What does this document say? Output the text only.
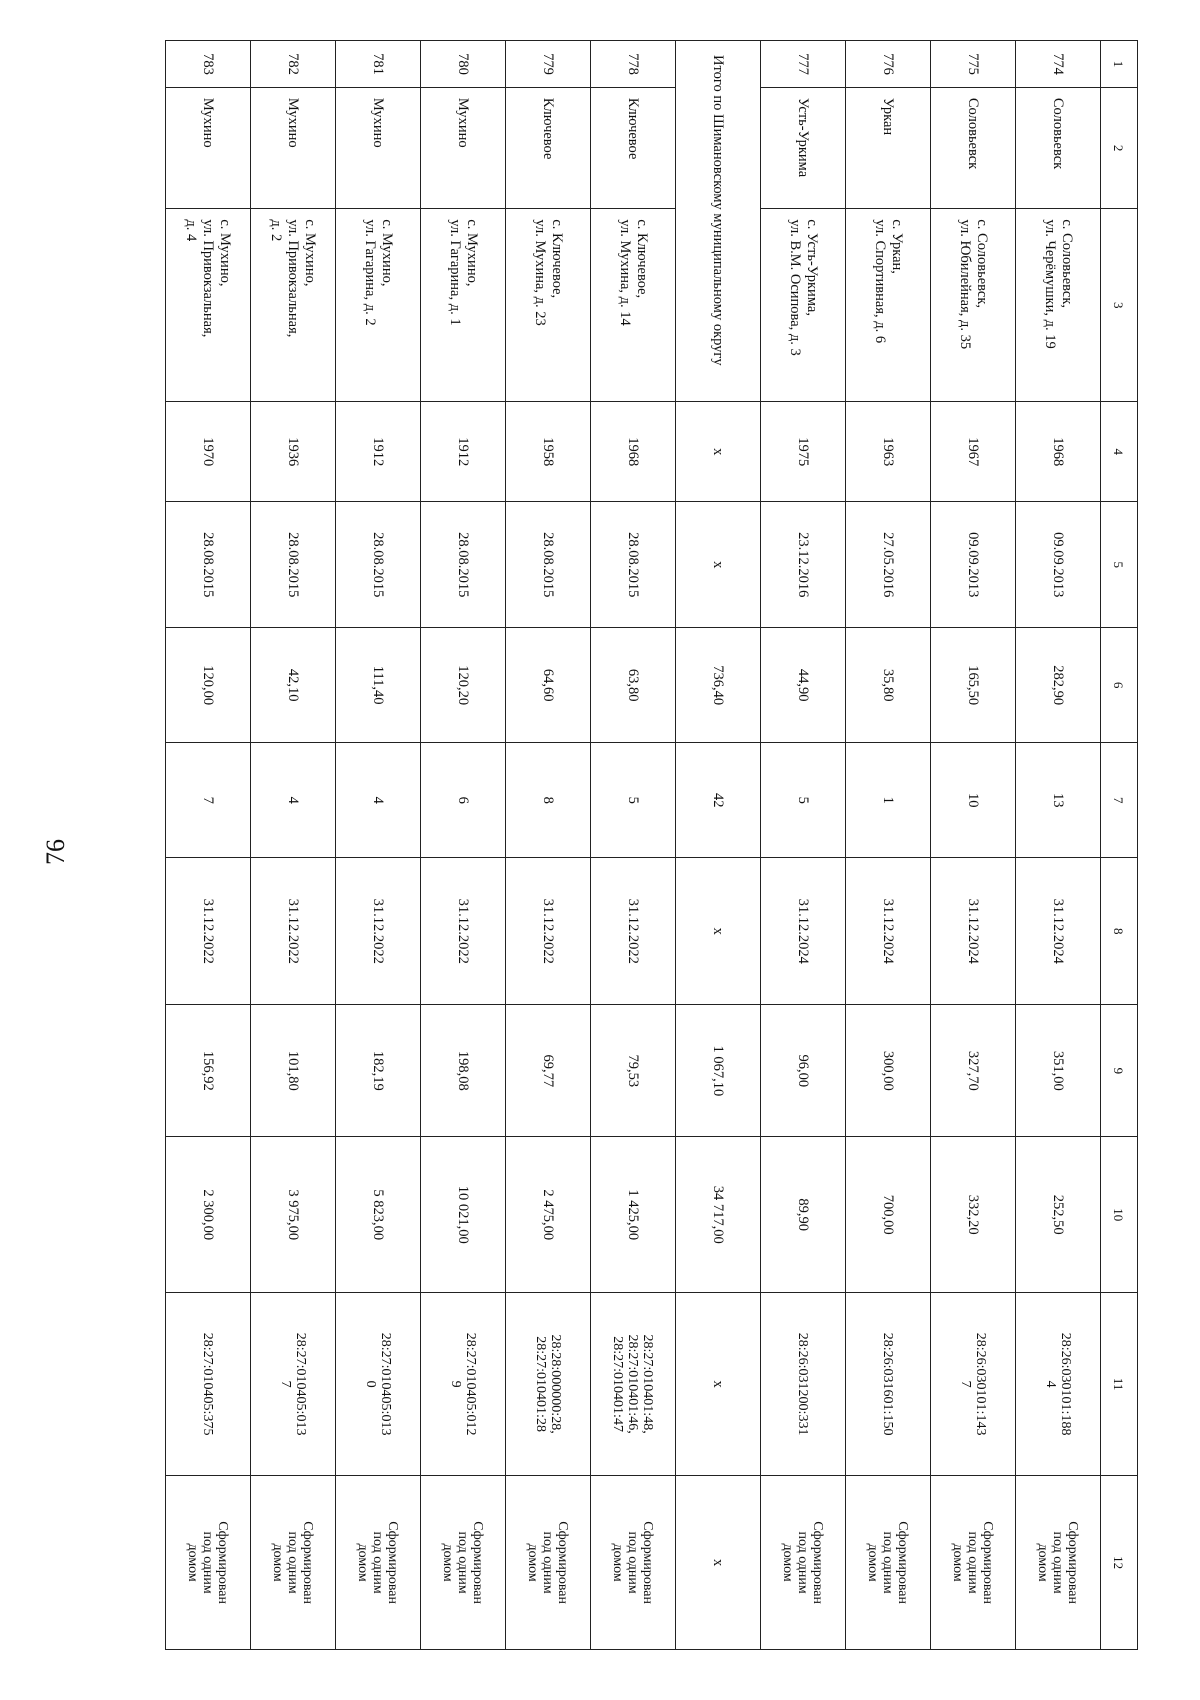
76
1	2	3	4	5	6	7	8	9	10	11	12
774	Соловьевск	с. Соловьевск,
ул. Черёмушки, д. 19	1968	09.09.2013	282,90	13	31.12.2024	351,00	252,50	28:26:030101:188
4	Сформирован
под одним
домом
775	Соловьевск	с. Соловьевск,
ул. Юбилейная, д. 35	1967	09.09.2013	165,50	10	31.12.2024	327,70	332,20	28:26:030101:143
7	Сформирован
под одним
домом
776	Уркан	с. Уркан,
ул. Спортивная, д. 6	1963	27.05.2016	35,80	1	31.12.2024	300,00	700,00	28:26:031601:150	Сформирован
под одним
домом
777	Усть-Уркима	с. Усть-Уркима,
ул. В.М. Осипова, д. 3	1975	23.12.2016	44,90	5	31.12.2024	96,00	89,90	28:26:031200:331	Сформирован
под одним
домом
Итого по Шимановскому муниципальному округу			х	х	736,40	42	х	1 067,10	34 717,00	х	х
778	Ключевое	с. Ключевое,
ул. Мухина, д. 14	1968	28.08.2015	63,80	5	31.12.2022	79,53	1 425,00	28:27:010401:48,
28:27:010401:46,
28:27:010401:47	Сформирован
под одним
домом
779	Ключевое	с. Ключевое,
ул. Мухина, д. 23	1958	28.08.2015	64,60	8	31.12.2022	69,77	2 475,00	28:28:000000:28,
28:27:010401:28	Сформирован
под одним
домом
780	Мухино	с. Мухино,
ул. Гагарина, д. 1	1912	28.08.2015	120,20	6	31.12.2022	198,08	10 021,00	28:27:010405:012
9	Сформирован
под одним
домом
781	Мухино	с. Мухино,
ул. Гагарина, д. 2	1912	28.08.2015	111,40	4	31.12.2022	182,19	5 823,00	28:27:010405:013
0	Сформирован
под одним
домом
782	Мухино	с. Мухино,
ул. Привокзальная,
д. 2	1936	28.08.2015	42,10	4	31.12.2022	101,80	3 975,00	28:27:010405:013
7	Сформирован
под одним
домом
783	Мухино	с. Мухино,
ул. Привокзальная,
д. 4	1970	28.08.2015	120,00	7	31.12.2022	156,92	2 300,00	28:27:010405:375	Сформирован
под одним
домом
